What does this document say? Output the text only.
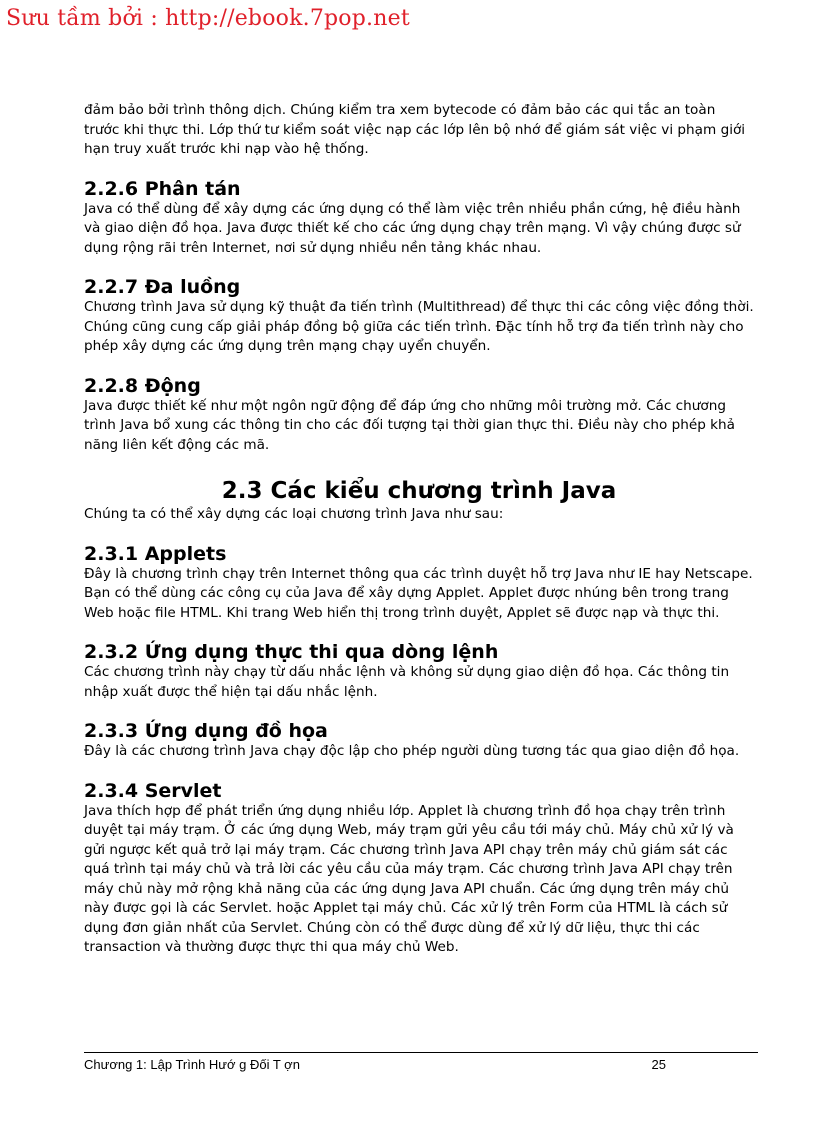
Sưu tầm bởi : http://ebook.7pop.net

đảm bảo bởi trình thông dịch. Chúng kiểm tra xem bytecode có đảm bảo các qui tắc an toàn trước khi thực thi. Lớp thứ tư kiểm soát việc nạp các lớp lên bộ nhớ để giám sát việc vi phạm giới hạn truy xuất trước khi nạp vào hệ thống.

2.2.6 Phân tán

Java có thể dùng để xây dựng các ứng dụng có thể làm việc trên nhiều phần cứng, hệ điều hành và giao diện đồ họa. Java được thiết kế cho các ứng dụng chạy trên mạng. Vì vậy chúng được sử dụng rộng rãi trên Internet, nơi sử dụng nhiều nền tảng khác nhau.

2.2.7 Đa luồng

Chương trình Java sử dụng kỹ thuật đa tiến trình (Multithread) để thực thi các công việc đồng thời. Chúng cũng cung cấp giải pháp đồng bộ giữa các tiến trình. Đặc tính hỗ trợ đa tiến trình này cho phép xây dựng các ứng dụng trên mạng chạy uyển chuyển.

2.2.8 Động

Java được thiết kế như một ngôn ngữ động để đáp ứng cho những môi trường mở. Các chương trình Java bổ xung các thông tin cho các đối tượng tại thời gian thực thi. Điều này cho phép khả năng liên kết động các mã.

2.3 Các kiểu chương trình Java

Chúng ta có thể xây dựng các loại chương trình Java như sau:

2.3.1 Applets

Đây là chương trình chạy trên Internet thông qua các trình duyệt hỗ trợ Java như IE hay Netscape. Bạn có thể dùng các công cụ của Java để xây dựng Applet. Applet được nhúng bên trong trang Web hoặc file HTML. Khi trang Web hiển thị trong trình duyệt, Applet sẽ được nạp và thực thi.

2.3.2 Ứng dụng thực thi qua dòng lệnh

Các chương trình này chạy từ dấu nhắc lệnh và không sử dụng giao diện đồ họa. Các thông tin nhập xuất được thể hiện tại dấu nhắc lệnh.

2.3.3 Ứng dụng đồ họa

Đây là các chương trình Java chạy độc lập cho phép người dùng tương tác qua giao diện đồ họa.

2.3.4 Servlet

Java thích hợp để phát triển ứng dụng nhiều lớp. Applet là chương trình đồ họa chạy trên trình duyệt tại máy trạm. Ở các ứng dụng Web, máy trạm gửi yêu cầu tới máy chủ. Máy chủ xử lý và gửi ngược kết quả trở lại máy trạm. Các chương trình Java API chạy trên máy chủ giám sát các quá trình tại máy chủ và trả lời các yêu cầu của máy trạm. Các chương trình Java API chạy trên máy chủ này mở rộng khả năng của các ứng dụng Java API chuẩn. Các ứng dụng trên máy chủ này được gọi là các Servlet. hoặc Applet tại máy chủ. Các xử lý trên Form của HTML là cách sử dụng đơn giản nhất của Servlet. Chúng còn có thể được dùng để xử lý dữ liệu, thực thi các transaction và thường được thực thi qua máy chủ Web.

Chương 1: Lập Trình Hướ g Đối T ợn	25
